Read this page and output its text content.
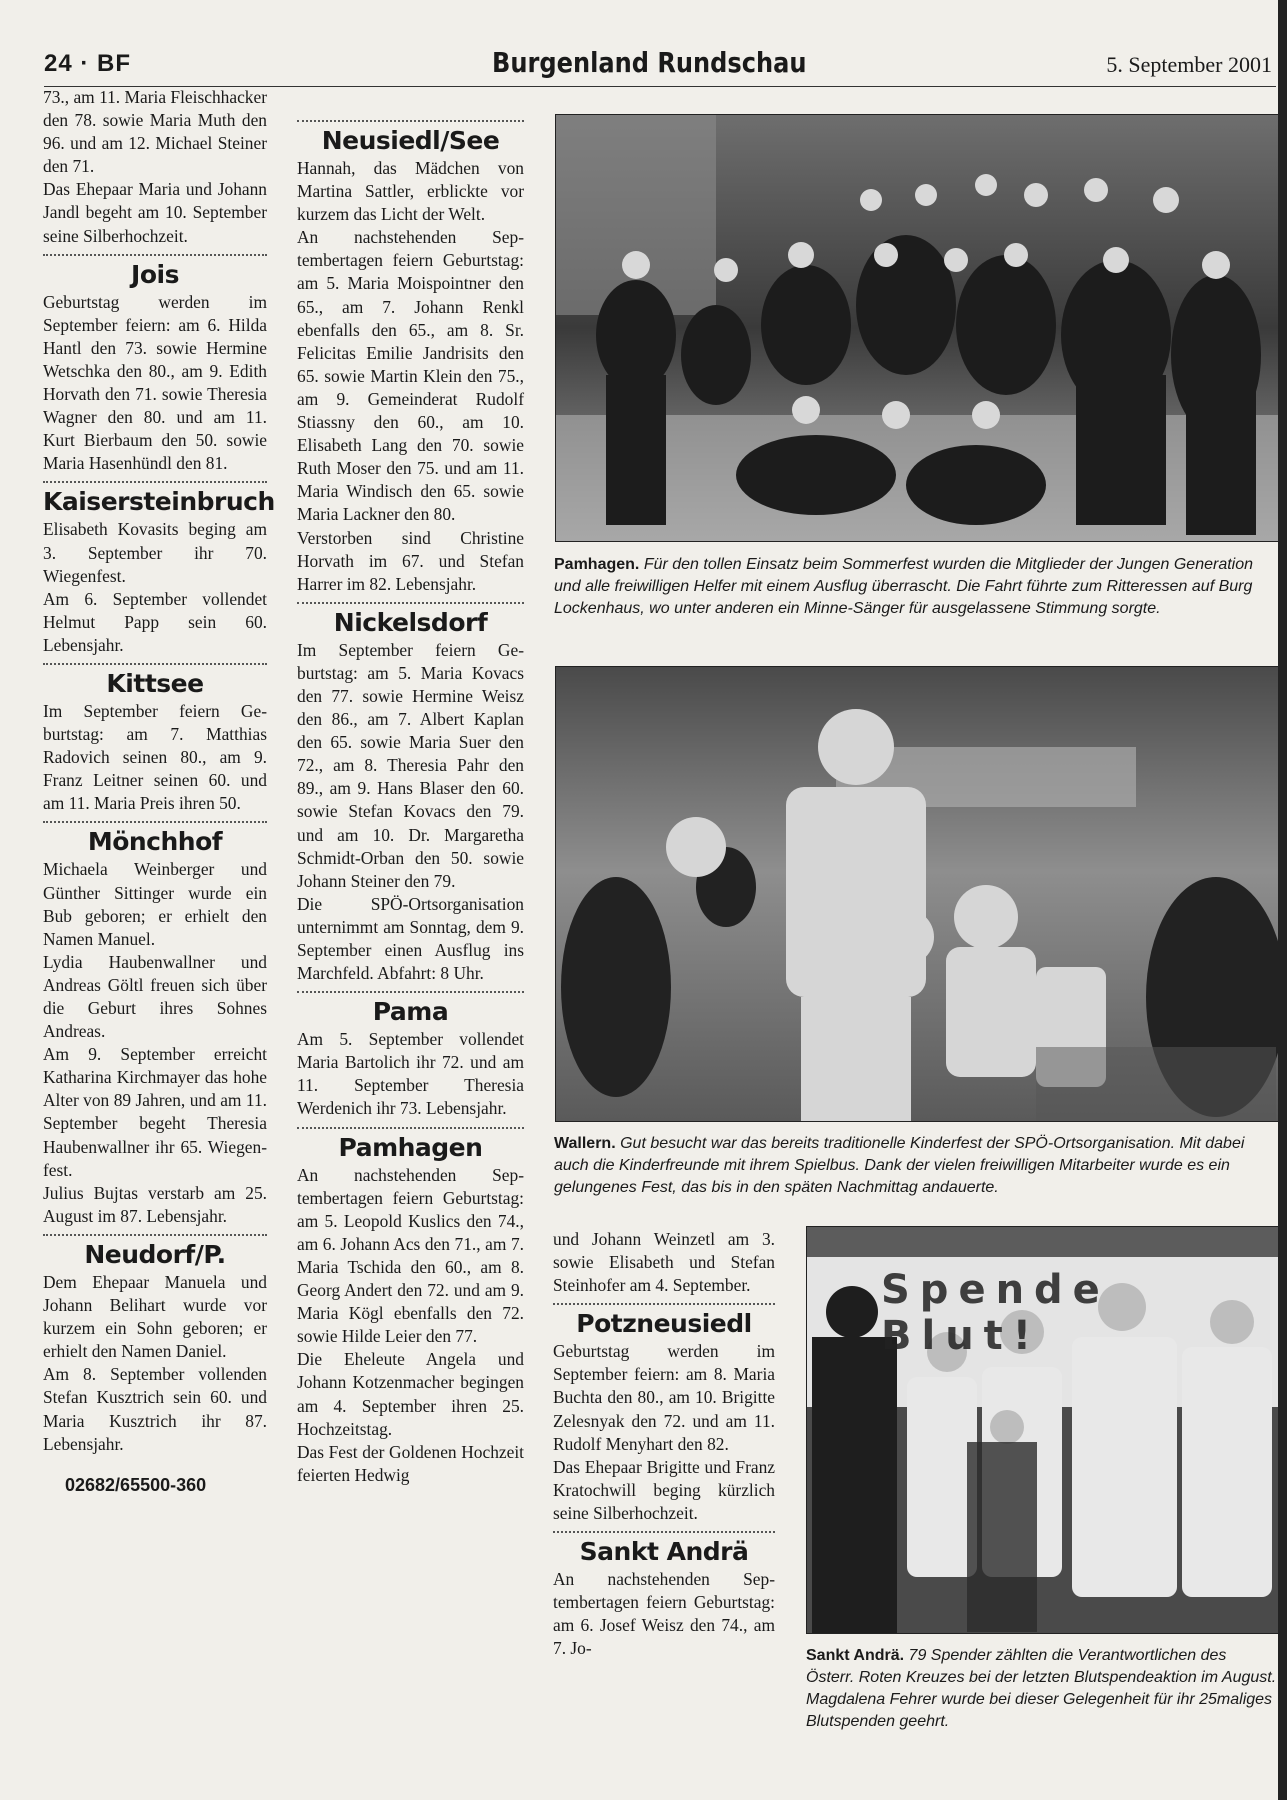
24 · BF	Burgenland Rundschau	5. September 2001

73., am 11. Maria Fleischhacker den 78. sowie Maria Muth den 96. und am 12. Michael Steiner den 71.

Das Ehepaar Maria und Johann Jandl begeht am 10. September seine Silberhochzeit.

Jois

Geburtstag werden im September feiern: am 6. Hilda Hantl den 73. sowie Hermine Wetschka den 80., am 9. Edith Horvath den 71. sowie Theresia Wagner den 80. und am 11. Kurt Bierbaum den 50. sowie Maria Hasenhündl den 81.

Kaisersteinbruch

Elisabeth Kovasits beging am 3. September ihr 70. Wiegenfest.

Am 6. September vollendet Helmut Papp sein 60. Lebensjahr.

Kittsee

Im September feiern Geburtstag: am 7. Matthias Radovich seinen 80., am 9. Franz Leitner seinen 60. und am 11. Maria Preis ihren 50.

Mönchhof

Michaela Weinberger und Günther Sittinger wurde ein Bub geboren; er erhielt den Namen Manuel.

Lydia Haubenwallner und Andreas Göltl freuen sich über die Geburt ihres Sohnes Andreas.

Am 9. September erreicht Katharina Kirchmayer das hohe Alter von 89 Jahren, und am 11. September begeht Theresia Haubenwallner ihr 65. Wiegenfest.

Julius Bujtas verstarb am 25. August im 87. Lebensjahr.

Neudorf/P.

Dem Ehepaar Manuela und Johann Belihart wurde vor kurzem ein Sohn geboren; er erhielt den Namen Daniel.

Am 8. September vollenden Stefan Kusztrich sein 60. und Maria Kusztrich ihr 87. Lebensjahr.

02682/65500-360
Neusiedl/See

Hannah, das Mädchen von Martina Sattler, erblickte vor kurzem das Licht der Welt.

An nachstehenden Septembertagen feiern Geburtstag: am 5. Maria Moispointner den 65., am 7. Johann Renkl ebenfalls den 65., am 8. Sr. Felicitas Emilie Jandrisits den 65. sowie Martin Klein den 75., am 9. Gemeinderat Rudolf Stiassny den 60., am 10. Elisabeth Lang den 70. sowie Ruth Moser den 75. und am 11. Maria Windisch den 65. sowie Maria Lackner den 80.

Verstorben sind Christine Horvath im 67. und Stefan Harrer im 82. Lebensjahr.

Nickelsdorf

Im September feiern Geburtstag: am 5. Maria Kovacs den 77. sowie Hermine Weisz den 86., am 7. Albert Kaplan den 65. sowie Maria Suer den 72., am 8. Theresia Pahr den 89., am 9. Hans Blaser den 60. sowie Stefan Kovacs den 79. und am 10. Dr. Margaretha Schmidt-Orban den 50. sowie Johann Steiner den 79.

Die SPÖ-Ortsorganisation unternimmt am Sonntag, dem 9. September einen Ausflug ins Marchfeld. Abfahrt: 8 Uhr.

Pama

Am 5. September vollendet Maria Bartolich ihr 72. und am 11. September Theresia Werdenich ihr 73. Lebensjahr.

Pamhagen

An nachstehenden Septembertagen feiern Geburtstag: am 5. Leopold Kuslics den 74., am 6. Johann Acs den 71., am 7. Maria Tschida den 60., am 8. Georg Andert den 72. und am 9. Maria Kögl ebenfalls den 72. sowie Hilde Leier den 77.

Die Eheleute Angela und Johann Kotzenmacher begingen am 4. September ihren 25. Hochzeitstag.

Das Fest der Goldenen Hochzeit feierten Hedwig

Pamhagen. Für den tollen Einsatz beim Sommerfest wurden die Mitglieder der Jungen Generation und alle freiwilligen Helfer mit einem Ausflug überrascht. Die Fahrt führte zum Ritteressen auf Burg Lockenhaus, wo unter anderen ein Minne-Sänger für ausgelassene Stimmung sorgte.
Wallern. Gut besucht war das bereits traditionelle Kinderfest der SPÖ-Ortsorganisation. Mit dabei auch die Kinderfreunde mit ihrem Spielbus. Dank der vielen freiwilligen Mitarbeiter wurde es ein gelungenes Fest, das bis in den späten Nachmittag andauerte.

und Johann Weinzetl am 3. sowie Elisabeth und Stefan Steinhofer am 4. September.

Potzneusiedl

Geburtstag werden im September feiern: am 8. Maria Buchta den 80., am 10. Brigitte Zelesnyak den 72. und am 11. Rudolf Menyhart den 82.

Das Ehepaar Brigitte und Franz Kratochwill beging kürzlich seine Silberhochzeit.

Sankt Andrä

An nachstehenden Septembertagen feiern Geburtstag: am 6. Josef Weisz den 74., am 7. Jo-

Spende Blut!
Sankt Andrä. 79 Spender zählten die Verantwortlichen des Österr. Roten Kreuzes bei der letzten Blutspendeaktion im August. Magdalena Fehrer wurde bei dieser Gelegenheit für ihr 25maliges Blutspenden geehrt.
